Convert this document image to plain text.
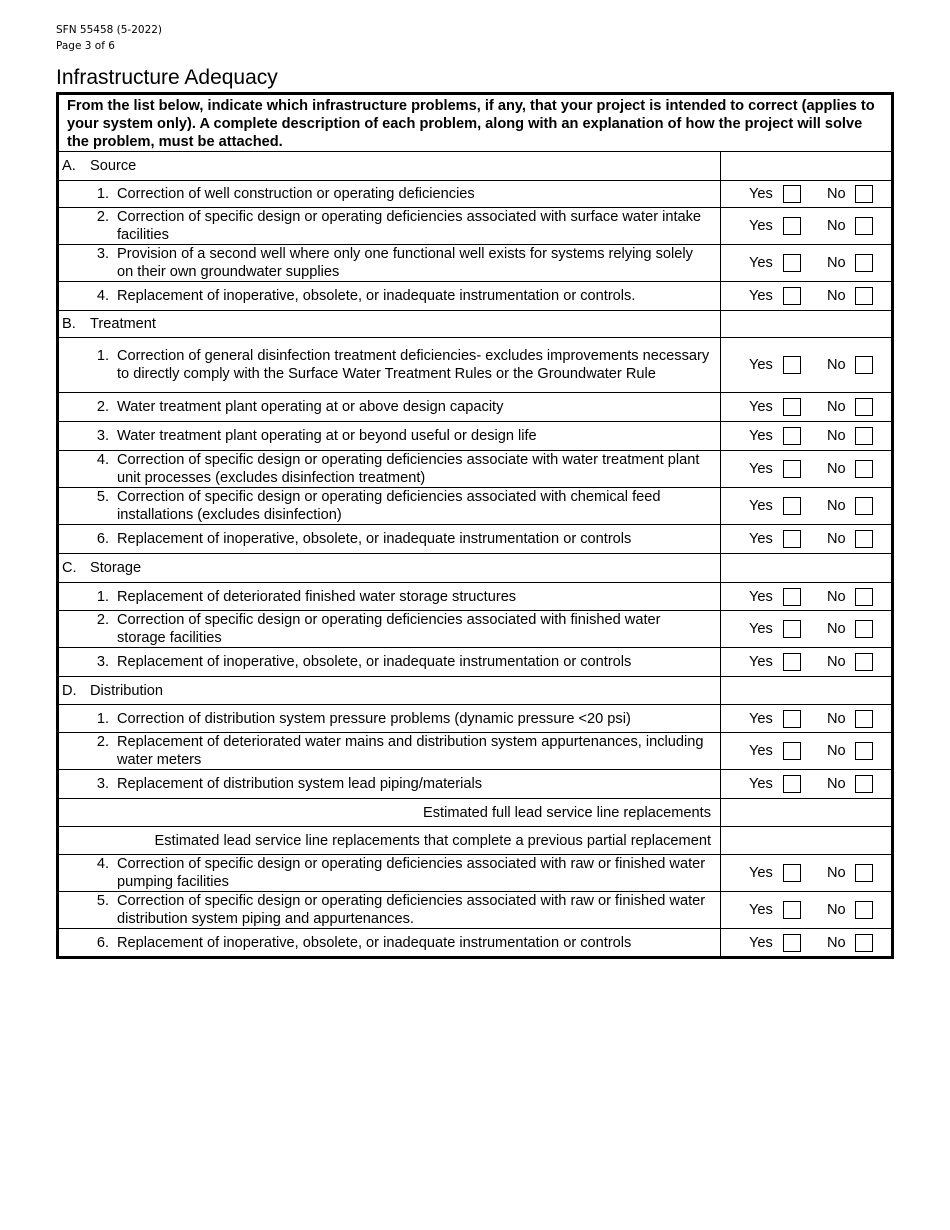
SFN 55458 (5-2022)
Page 3 of 6
Infrastructure Adequacy
From the list below, indicate which infrastructure problems, if any, that your project is intended to correct (applies to your system only). A complete description of each problem, along with an explanation of how the project will solve the problem, must be attached.	

A. Source	

1. Correction of well construction or operating deficiencies	Yes No

2. Correction of specific design or operating deficiencies associated with surface water intake facilities	Yes No

3. Provision of a second well where only one functional well exists for systems relying solely on their own groundwater supplies	Yes No

4. Replacement of inoperative, obsolete, or inadequate instrumentation or controls.	Yes No

B. Treatment	

1. Correction of general disinfection treatment deficiencies- excludes improvements necessary to directly comply with the Surface Water Treatment Rules or the Groundwater Rule	Yes No

2. Water treatment plant operating at or above design capacity	Yes No

3. Water treatment plant operating at or beyond useful or design life	Yes No

4. Correction of specific design or operating deficiencies associate with water treatment plant unit processes (excludes disinfection treatment)	Yes No

5. Correction of specific design or operating deficiencies associated with chemical feed installations (excludes disinfection)	Yes No

6. Replacement of inoperative, obsolete, or inadequate instrumentation or controls	Yes No

C. Storage	

1. Replacement of deteriorated finished water storage structures	Yes No

2. Correction of specific design or operating deficiencies associated with finished water storage facilities	Yes No

3. Replacement of inoperative, obsolete, or inadequate instrumentation or controls	Yes No

D. Distribution	

1. Correction of distribution system pressure problems (dynamic pressure <20 psi)	Yes No

2. Replacement of deteriorated water mains and distribution system appurtenances, including water meters	Yes No

3. Replacement of distribution system lead piping/materials	Yes No

Estimated full lead service line replacements	
Estimated lead service line replacements that complete a previous partial replacement	

4. Correction of specific design or operating deficiencies associated with raw or finished water pumping facilities	Yes No

5. Correction of specific design or operating deficiencies associated with raw or finished water distribution system piping and appurtenances.	Yes No

6. Replacement of inoperative, obsolete, or inadequate instrumentation or controls	Yes No
